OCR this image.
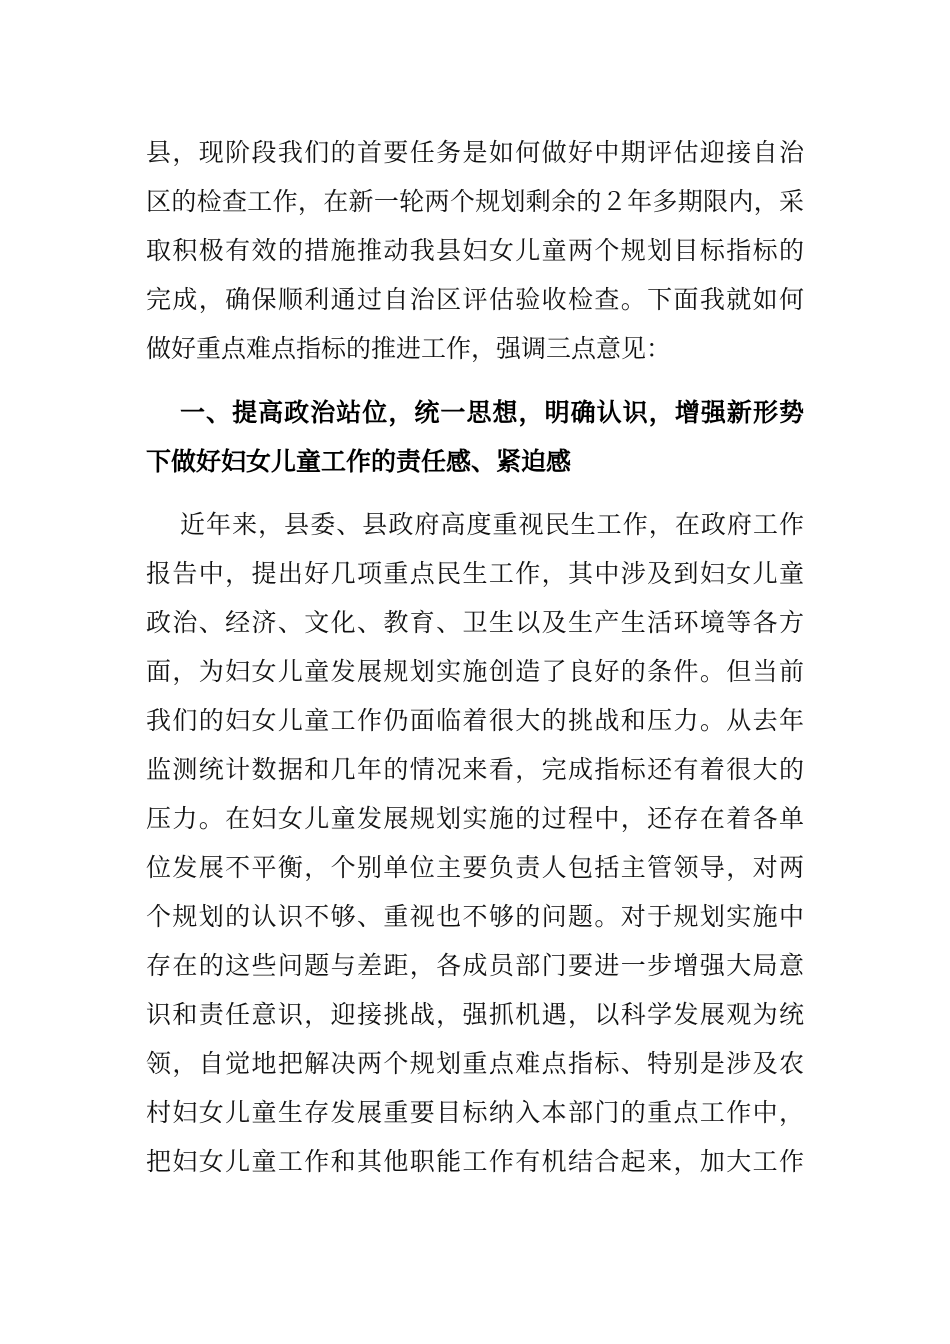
县，现阶段我们的首要任务是如何做好中期评估迎接自治
区的检查工作，在新一轮两个规划剩余的２年多期限内，采
取积极有效的措施推动我县妇女儿童两个规划目标指标的
完成，确保顺利通过自治区评估验收检查。下面我就如何
做好重点难点指标的推进工作，强调三点意见：
一、提高政治站位，统一思想，明确认识，增强新形势
下做好妇女儿童工作的责任感、紧迫感
近年来，县委、县政府高度重视民生工作，在政府工作
报告中，提出好几项重点民生工作，其中涉及到妇女儿童
政治、经济、文化、教育、卫生以及生产生活环境等各方
面，为妇女儿童发展规划实施创造了良好的条件。但当前
我们的妇女儿童工作仍面临着很大的挑战和压力。从去年
监测统计数据和几年的情况来看，完成指标还有着很大的
压力。在妇女儿童发展规划实施的过程中，还存在着各单
位发展不平衡，个别单位主要负责人包括主管领导，对两
个规划的认识不够、重视也不够的问题。对于规划实施中
存在的这些问题与差距，各成员部门要进一步增强大局意
识和责任意识，迎接挑战，强抓机遇，以科学发展观为统
领，自觉地把解决两个规划重点难点指标、特别是涉及农
村妇女儿童生存发展重要目标纳入本部门的重点工作中，
把妇女儿童工作和其他职能工作有机结合起来，加大工作
